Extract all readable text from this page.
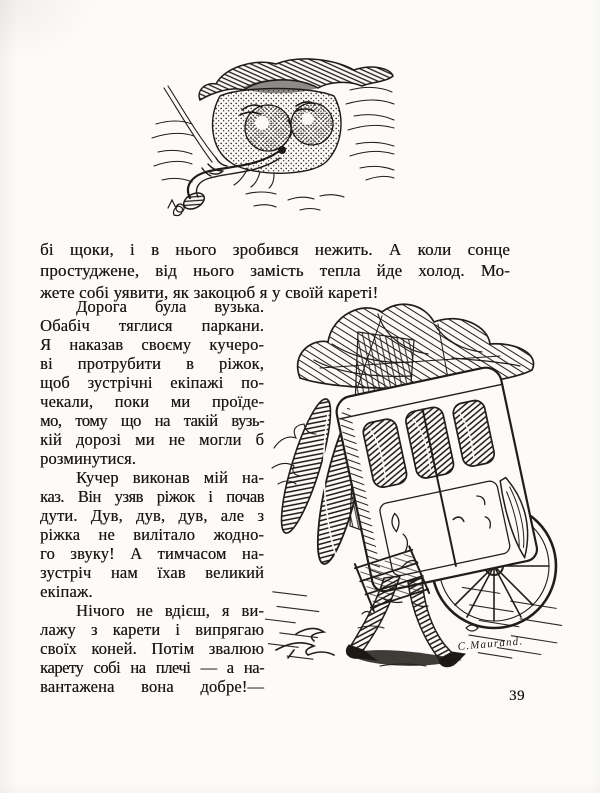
бі щоки, і в нього зробився нежить. А коли сонце
простуджене, від нього замість тепла йде холод. Мо-
жете собі уявити, як закоцюб я у своїй кареті!
Дорога була вузька.
Обабіч тяглися паркани.
Я наказав своєму кучеро-
ві протрубити в ріжок,
щоб зустрічні екіпажі по-
чекали, поки ми проїде-
мо, тому що на такій вузь-
кій дорозі ми не могли б
розминутися.
Кучер виконав мій на-
каз. Він узяв ріжок і почав
дути. Дув, дув, дув, але з
ріжка не вилітало жодно-
го звуку! А тимчасом на-
зустріч нам їхав великий
екіпаж.
Нічого не вдієш, я ви-
лажу з карети і випрягаю
своїх коней. Потім звалюю
карету собі на плечі — а на-
вантажена вона добре!—
C.Maurand.
39
